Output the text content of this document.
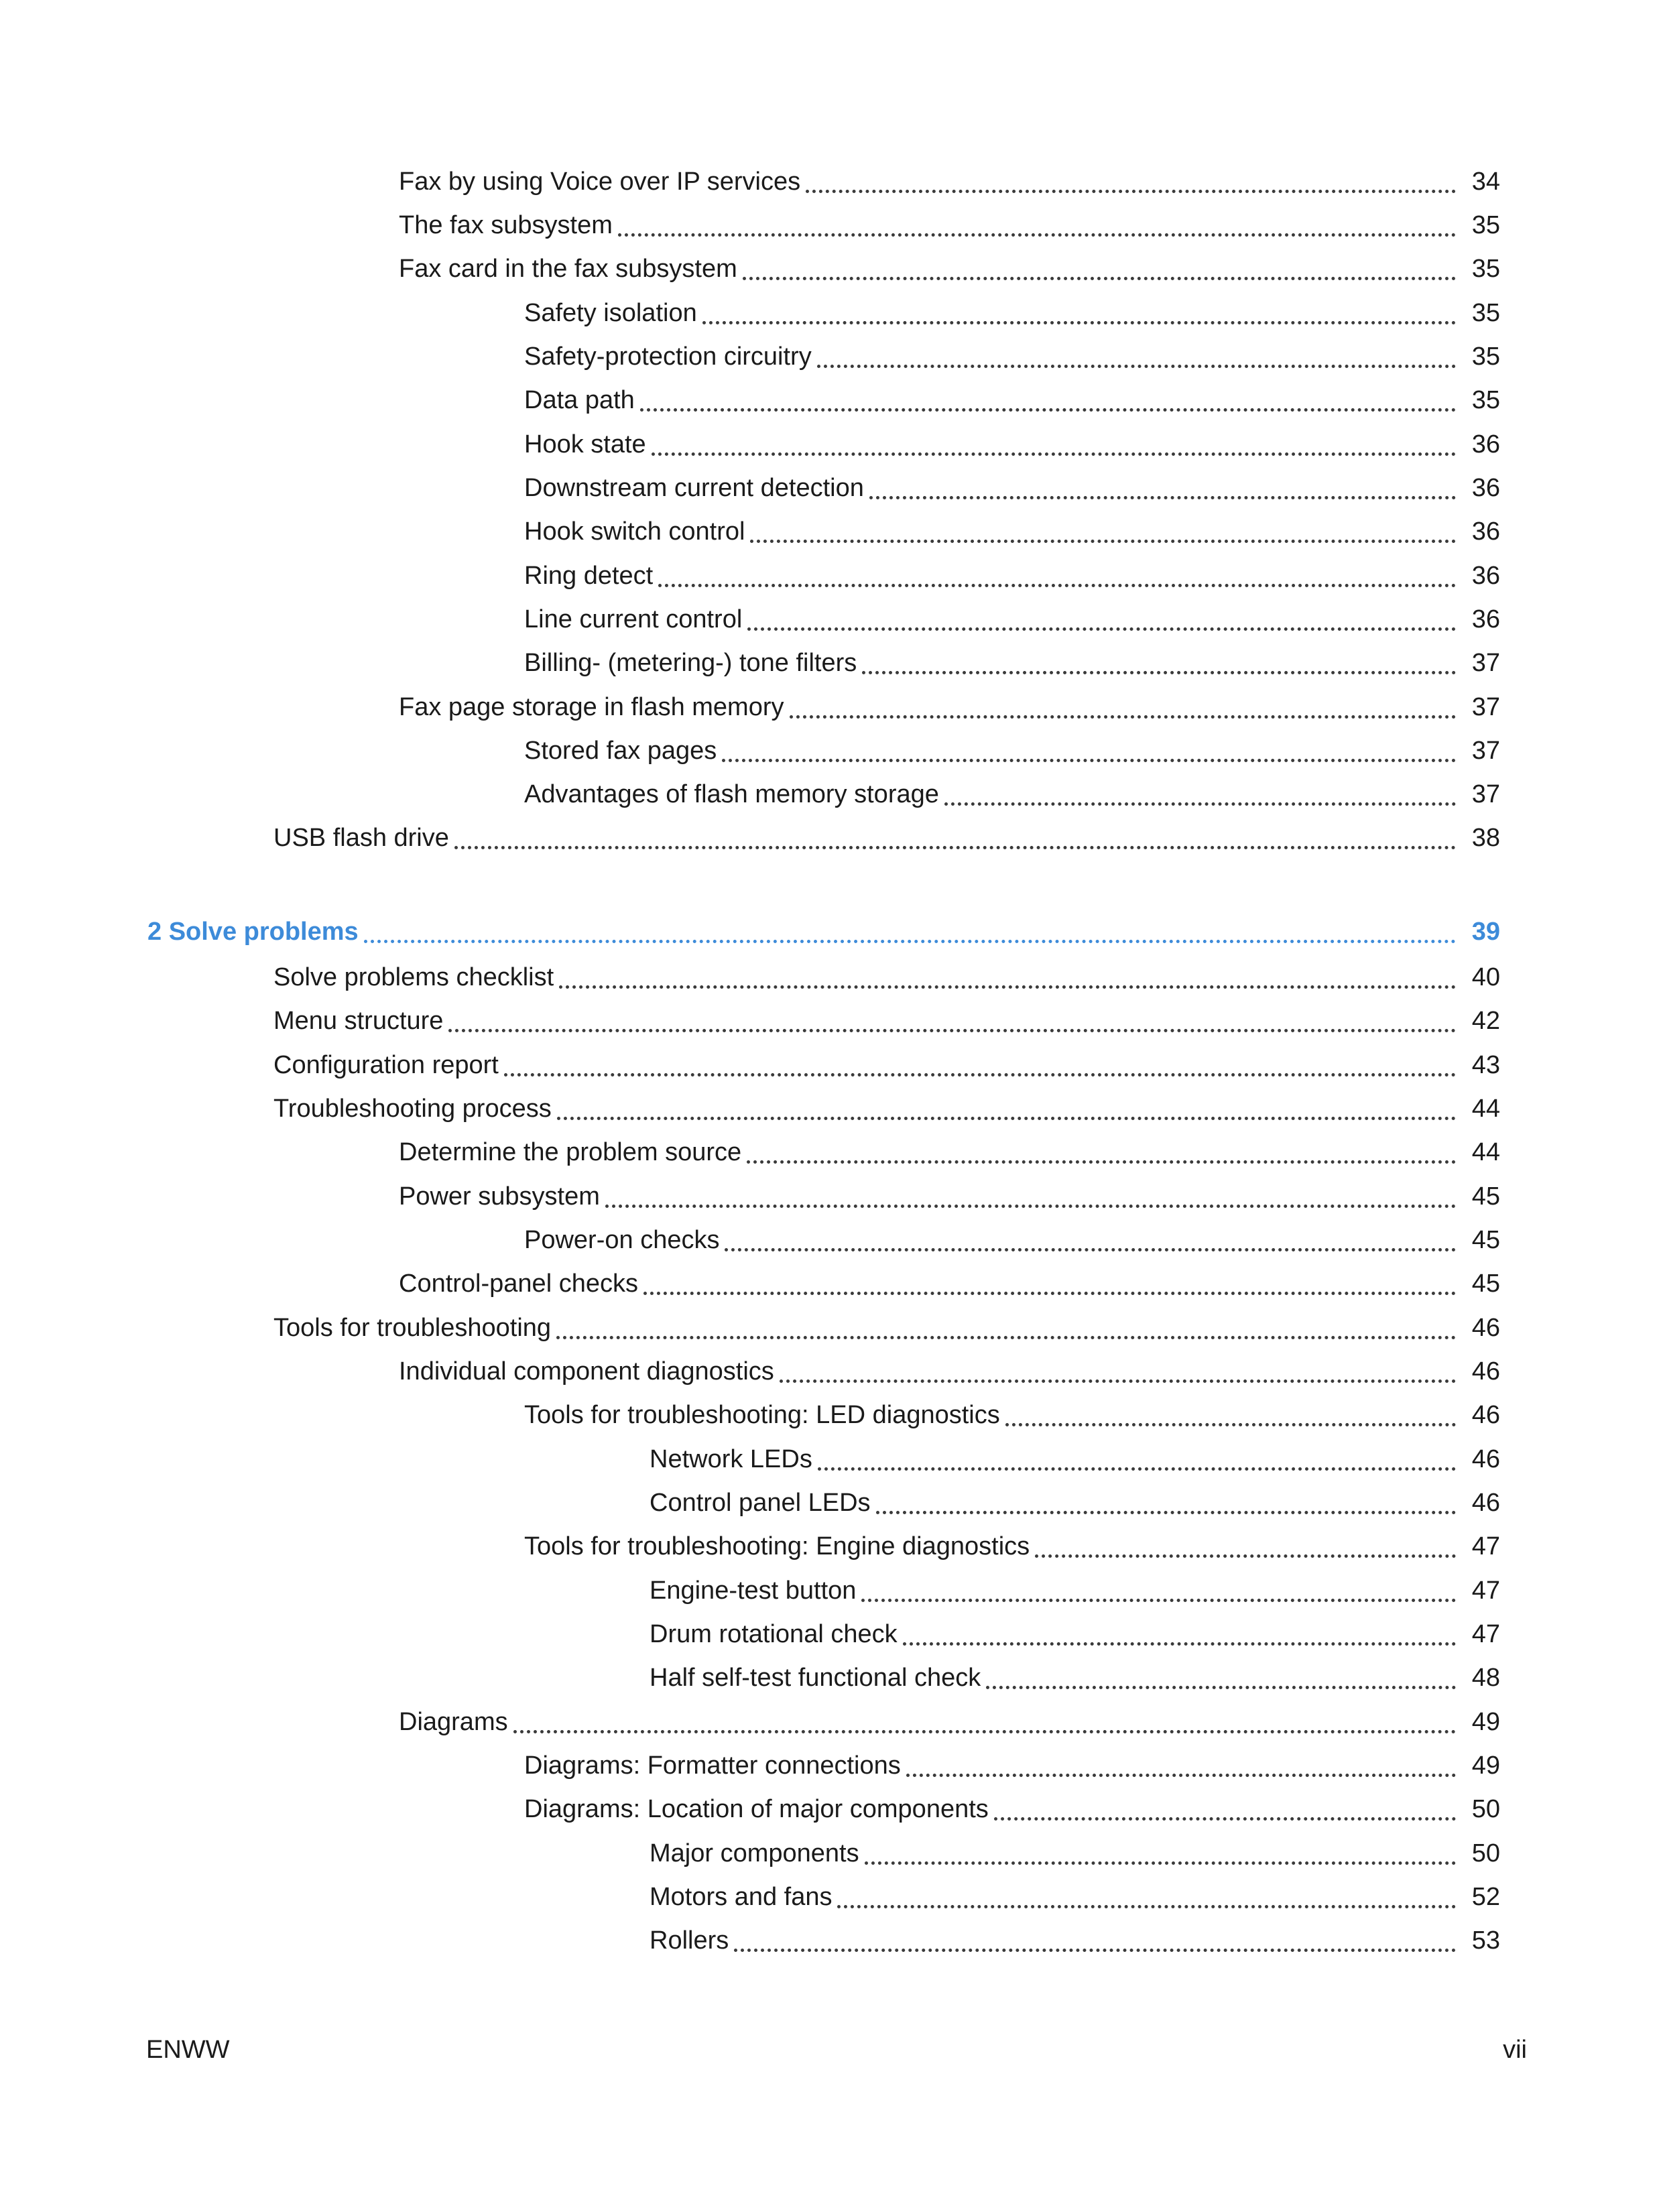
Fax by using Voice over IP services	34
The fax subsystem	35
Fax card in the fax subsystem	35
Safety isolation	35
Safety-protection circuitry	35
Data path	35
Hook state	36
Downstream current detection	36
Hook switch control	36
Ring detect	36
Line current control	36
Billing- (metering-) tone filters	37
Fax page storage in flash memory	37
Stored fax pages	37
Advantages of flash memory storage	37
USB flash drive	38
2 Solve problems	39
Solve problems checklist	40
Menu structure	42
Configuration report	43
Troubleshooting process	44
Determine the problem source	44
Power subsystem	45
Power-on checks	45
Control-panel checks	45
Tools for troubleshooting	46
Individual component diagnostics	46
Tools for troubleshooting: LED diagnostics	46
Network LEDs	46
Control panel LEDs	46
Tools for troubleshooting: Engine diagnostics	47
Engine-test button	47
Drum rotational check	47
Half self-test functional check	48
Diagrams	49
Diagrams: Formatter connections	49
Diagrams: Location of major components	50
Major components	50
Motors and fans	52
Rollers	53
ENWW	vii
